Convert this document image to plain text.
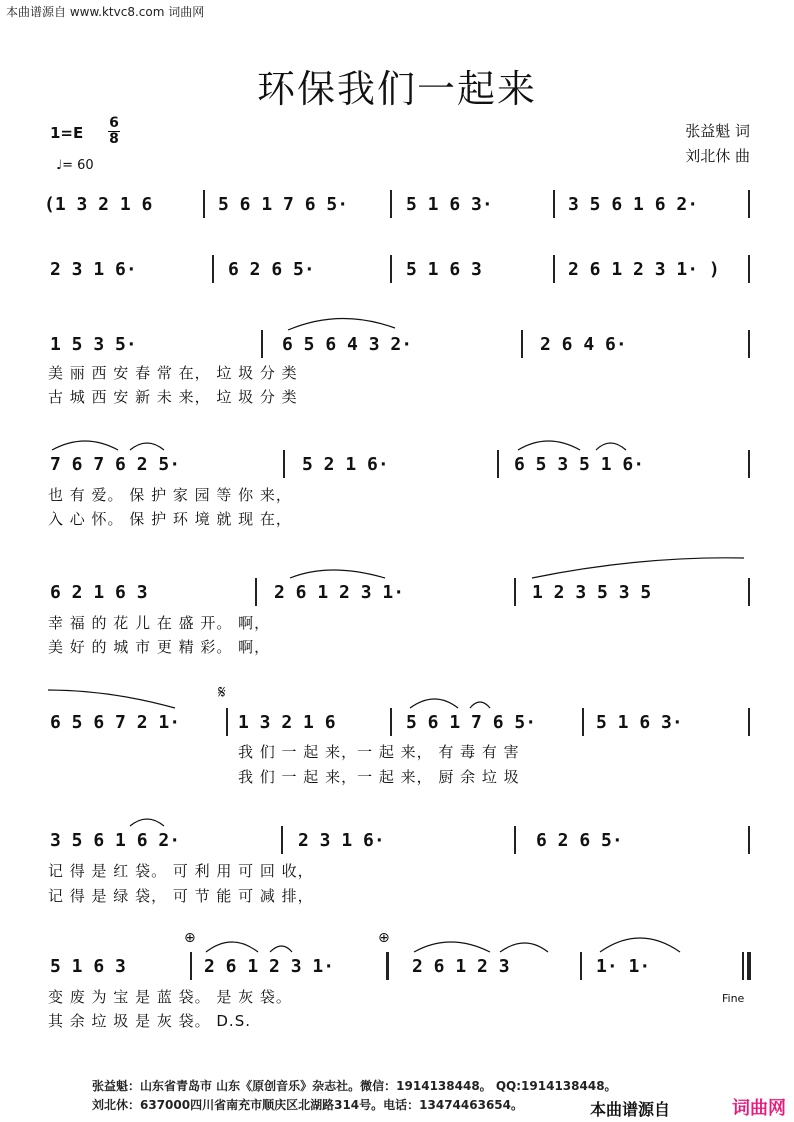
本曲谱源自 www.ktvc8.com 词曲网
环保我们一起来
1=E
6
8
♩= 60
张益魁 词
刘北休 曲
(1 3 2 1 6	5 6 1 7 6 5·	5 1 6 3·	3 5 6 1 6 2·
2 3 1 6·	6 2 6 5·	5 1 6 3	2 6 1 2 3 1· )
1 5 3 5·	6 5 6 4 3 2·	2 6 4 6·
美 丽 西 安 春 常 在， 垃 圾 分 类
古 城 西 安 新 未 来， 垃 圾 分 类
7 6 7 6 2 5·	5 2 1 6·	6 5 3 5 1 6·
也 有 爱。 保 护 家 园 等 你 来，
入 心 怀。 保 护 环 境 就 现 在，
6 2 1 6 3	2 6 1 2 3 1·	1 2 3 5 3 5
幸 福 的 花 儿 在 盛 开。 啊，
美 好 的 城 市 更 精 彩。 啊，
𝄋
6 5 6 7 2 1·	1 3 2 1 6	5 6 1 7 6 5·	5 1 6 3·
我 们 一 起 来，一 起 来， 有 毒 有 害
我 们 一 起 来，一 起 来， 厨 余 垃 圾
3 5 6 1 6 2·	2 3 1 6·	6 2 6 5·
记 得 是 红 袋。 可 利 用 可 回 收，
记 得 是 绿 袋， 可 节 能 可 减 排，
⊕	⊕
5 1 6 3	2 6 1 2 3 1·	2 6 1 2 3	1· 1·
Fine
变 废 为 宝 是 蓝 袋。 是 灰 袋。
其 余 垃 圾 是 灰 袋。 D.S.
张益魁：山东省青岛市 山东《原创音乐》杂志社。微信：1914138448。 QQ:1914138448。
刘北休：637000四川省南充市顺庆区北湖路314号。电话：13474463654。	本曲谱源自	词曲网
